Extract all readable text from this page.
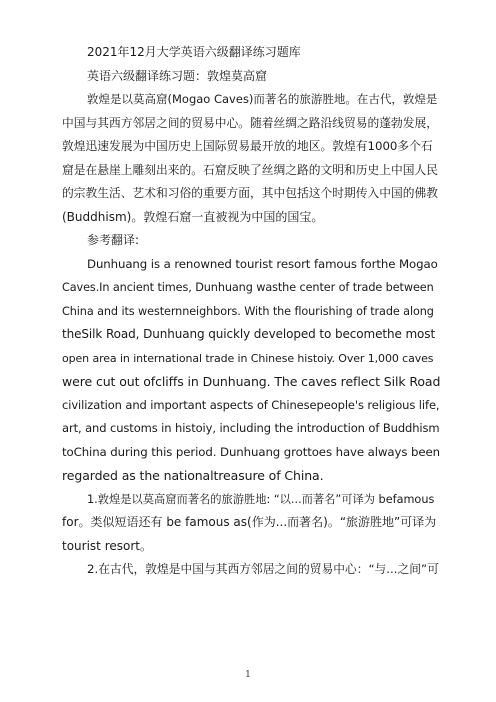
2021年12月大学英语六级翻译练习题库

英语六级翻译练习题：敦煌莫高窟

敦煌是以莫高窟(Mogao Caves)而著名的旅游胜地。在古代，敦煌是

中国与其西方邻居之间的贸易中心。随着丝绸之路沿线贸易的蓬勃发展，

敦煌迅速发展为中国历史上国际贸易最开放的地区。敦煌有1000多个石

窟是在悬崖上雕刻出来的。石窟反映了丝绸之路的文明和历史上中国人民

的宗教生活、艺术和习俗的重要方面，其中包括这个时期传入中国的佛教

(Buddhism)。敦煌石窟一直被视为中国的国宝。

参考翻译:

Dunhuang is a renowned tourist resort famous forthe Mogao

Caves.In ancient times, Dunhuang wasthe center of trade between

China and its westernneighbors. With the flourishing of trade along

theSilk Road, Dunhuang quickly developed to becomethe most

open area in international trade in Chinese histoiy. Over 1,000 caves

were cut out ofcliffs in Dunhuang. The caves reflect Silk Road

civilization and important aspects of Chinesepeople's religious life,

art, and customs in histoiy, including the introduction of Buddhism

toChina during this period. Dunhuang grottoes have always been

regarded as the nationaltreasure of China.

1.敦煌是以莫高窟而著名的旅游胜地: “以...而著名”可译为 befamous

for。类似短语还有 be famous as(作为...而著名)。“旅游胜地”可译为

tourist resort。

2.在古代，敦煌是中国与其西方邻居之间的贸易中心：“与...之间”可

1
